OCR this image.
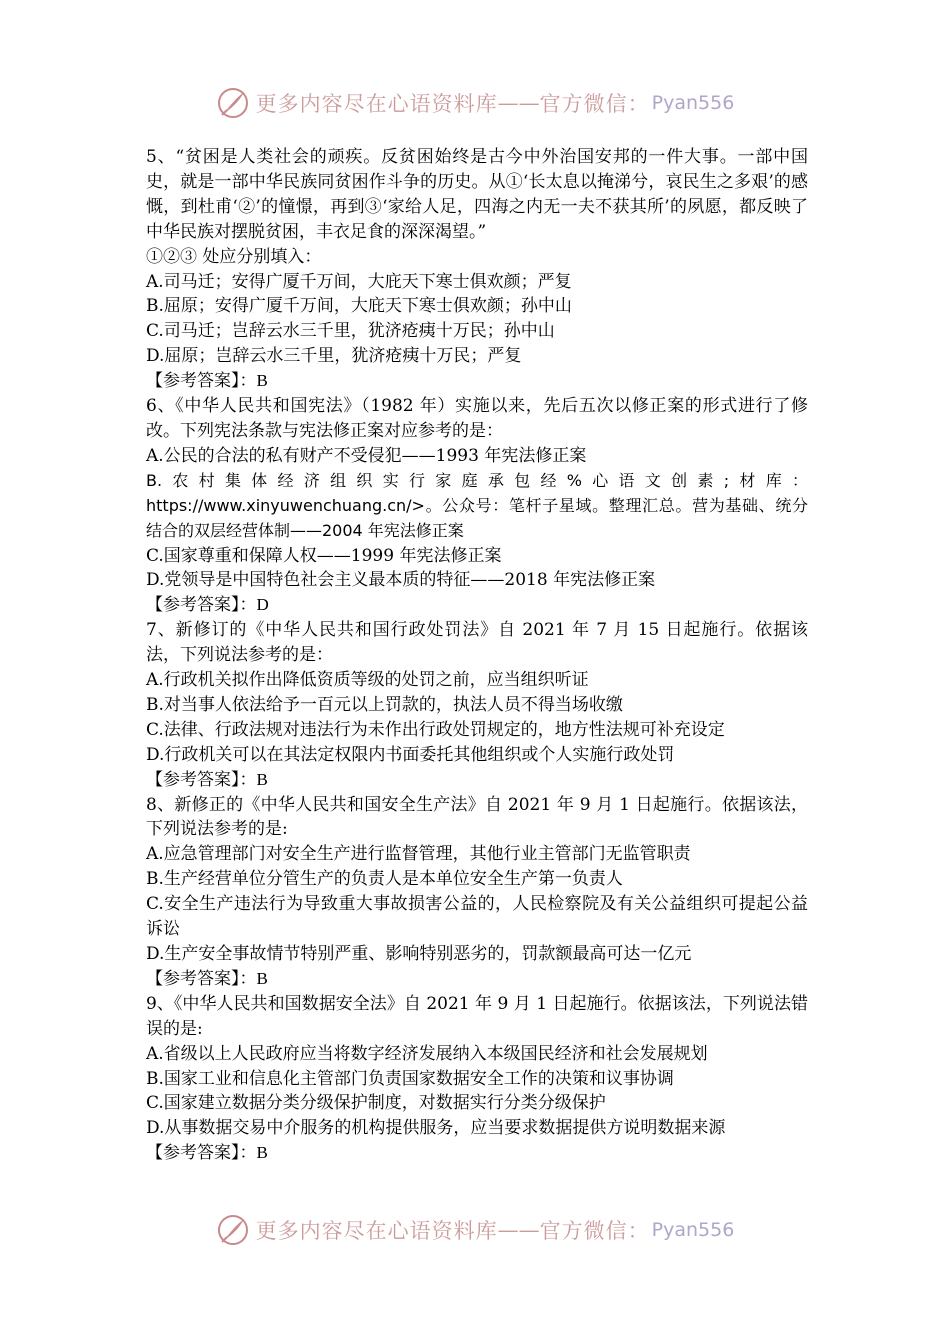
更多内容尽在心语资料库 —— 官方微信： Pyan556

5、“贫困是人类社会的顽疾。反贫困始终是古今中外治国安邦的一件大事。一部中国史，就是一部中华民族同贫困作斗争的历史。从①‘长太息以掩涕兮，哀民生之多艰’的感慨，到杜甫‘②’的憧憬，再到③‘家给人足，四海之内无一夫不获其所’的夙愿，都反映了中华民族对摆脱贫困，丰衣足食的深深渴望。”

①②③ 处应分别填入：

A.司马迁；安得广厦千万间，大庇天下寒士俱欢颜；严复

B.屈原；安得广厦千万间，大庇天下寒士俱欢颜；孙中山

C.司马迁；岂辞云水三千里，犹济疮痍十万民；孙中山

D.屈原；岂辞云水三千里，犹济疮痍十万民；严复

【参考答案】：B

6、《中华人民共和国宪法》（1982 年）实施以来，先后五次以修正案的形式进行了修改。下列宪法条款与宪法修正案对应参考的是：

A.公民的合法的私有财产不受侵犯——1993 年宪法修正案

B.农村集体经济组织实行家庭承包经%心语文创素;材库：https://www.xinyuwenchuang.cn/>。公众号：笔杆子星域。整理汇总。营为基础、统分结合的双层经营体制——2004 年宪法修正案

C.国家尊重和保障人权——1999 年宪法修正案

D.党领导是中国特色社会主义最本质的特征——2018 年宪法修正案

【参考答案】：D

7、新修订的《中华人民共和国行政处罚法》自 2021 年 7 月 15 日起施行。依据该法，下列说法参考的是：

A.行政机关拟作出降低资质等级的处罚之前，应当组织听证

B.对当事人依法给予一百元以上罚款的，执法人员不得当场收缴

C.法律、行政法规对违法行为未作出行政处罚规定的，地方性法规可补充设定

D.行政机关可以在其法定权限内书面委托其他组织或个人实施行政处罚

【参考答案】：B

8、新修正的《中华人民共和国安全生产法》自 2021 年 9 月 1 日起施行。依据该法，下列说法参考的是:

A.应急管理部门对安全生产进行监督管理，其他行业主管部门无监管职责

B.生产经营单位分管生产的负责人是本单位安全生产第一负责人

C.安全生产违法行为导致重大事故损害公益的，人民检察院及有关公益组织可提起公益诉讼

D.生产安全事故情节特别严重、影响特别恶劣的，罚款额最高可达一亿元

【参考答案】：B

9、《中华人民共和国数据安全法》自 2021 年 9 月 1 日起施行。依据该法，下列说法错误的是:

A.省级以上人民政府应当将数字经济发展纳入本级国民经济和社会发展规划

B.国家工业和信息化主管部门负责国家数据安全工作的决策和议事协调

C.国家建立数据分类分级保护制度，对数据实行分类分级保护

D.从事数据交易中介服务的机构提供服务，应当要求数据提供方说明数据来源

【参考答案】：B

更多内容尽在心语资料库 —— 官方微信： Pyan556
